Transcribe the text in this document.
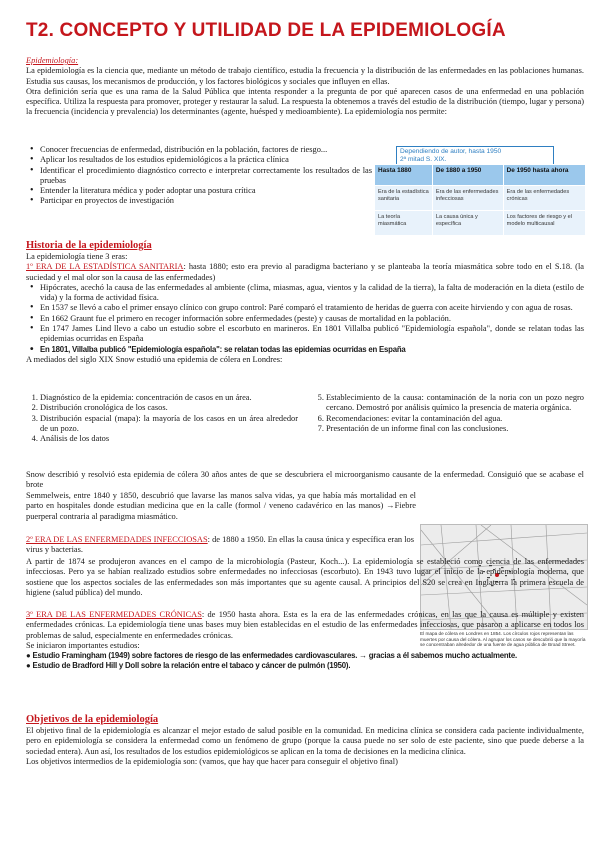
T2. CONCEPTO Y UTILIDAD DE LA EPIDEMIOLOGÍA
Epidemiología:
La epidemiología es la ciencia que, mediante un método de trabajo científico, estudia la frecuencia y la distribución de las enfermedades en las poblaciones humanas. Estudia sus causas, los mecanismos de producción, y los factores biológicos y sociales que influyen en ellas.
Otra definición sería que es una rama de la Salud Pública que intenta responder a la pregunta de por qué aparecen casos de una enfermedad en una población específica. Utiliza la respuesta para promover, proteger y restaurar la salud. La respuesta la obtenemos a través del estudio de la distribución (tiempo, lugar y persona) la frecuencia (incidencia y prevalencia) los determinantes (agente, huésped y medioambiente). La epidemiología nos permite:
• Conocer frecuencias de enfermedad, distribución en la población, factores de riesgo...
• Aplicar los resultados de los estudios epidemiológicos a la práctica clínica
• Identificar el procedimiento diagnóstico correcto e interpretar correctamente los resultados de las pruebas
• Entender la literatura médica y poder adoptar una postura crítica
• Participar en proyectos de investigación
Dependiendo de autor, hasta 1950
2ª mitad S. XIX.
Hasta 1880	De 1880 a 1950	De 1950 hasta ahora
Era de la estadística sanitaria	Era de las enfermedades infecciosas	Era de las enfermedades crónicas
La teoría miasmática	La causa única y específica	Los factores de riesgo y el modelo multicausal
Historia de la epidemiología
La epidemiología tiene 3 eras:
1º ERA DE LA ESTADÍSTICA SANITARIA: hasta 1880; esto era previo al paradigma bacteriano y se planteaba la teoría miasmática sobre todo en el S.18. (la suciedad y el mal olor son la causa de las enfermedades)
• Hipócrates, acechó la causa de las enfermedades al ambiente (clima, miasmas, agua, vientos y la calidad de la tierra), la falta de moderación en la dieta (estilo de vida) y la forma de actividad física.
• En 1537 se llevó a cabo el primer ensayo clínico con grupo control: Paré comparó el tratamiento de heridas de guerra con aceite hirviendo y con agua de rosas.
• En 1662 Graunt fue el primero en recoger información sobre enfermedades (peste) y causas de mortalidad en la población.
• En 1747 James Lind llevo a cabo un estudio sobre el escorbuto en marineros. En 1801 Villalba publicó "Epidemiología española", donde se relatan todas las epidemias ocurridas en España
• En 1801, Villalba publicó "Epidemiología española": se relatan todas las epidemias ocurridas en España
A mediados del siglo XIX Snow estudió una epidemia de cólera en Londres:
1. Diagnóstico de la epidemia: concentración de casos en un área.
2. Distribución cronológica de los casos.
3. Distribución espacial (mapa): la mayoría de los casos en un área alrededor de un pozo.
4. Análisis de los datos
5. Establecimiento de la causa: contaminación de la noria con un pozo negro cercano. Demostró por análisis químico la presencia de materia orgánica.
6. Recomendaciones: evitar la contaminación del agua.
7. Presentación de un informe final con las conclusiones.
Snow describió y resolvió esta epidemia de cólera 30 años antes de que se descubriera el microorganismo causante de la enfermedad. Consiguió que se acabase el brote
Semmelweis, entre 1840 y 1850, descubrió que lavarse las manos salva vidas, ya que había más mortalidad en el parto en hospitales donde estudian medicina que en la calle (formol / veneno cadavérico en las manos) →Fiebre puerperal contraria al paradigma miasmático.
El mapa de cólera en Londres en 1854. Los círculos rojos representan las muertes por causa del cólera. Al agrupar los casos se descubrió que la mayoría se concentraban alrededor de una fuente de agua pública de Broad Street.
2º ERA DE LAS ENFERMEDADES INFECCIOSAS: de 1880 a 1950. En ellas la causa única y específica eran los virus y bacterias.
A partir de 1874 se produjeron avances en el campo de la microbiología (Pasteur, Koch...). La epidemiología se estableció como ciencia de las enfermedades infecciosas. Pero ya se habían realizado estudios sobre enfermedades no infecciosas (escorbuto). En 1943 tuvo lugar el inicio de la epidemiología moderna, que sostiene que los aspectos sociales de las enfermedades son más importantes que su agente causal. A principios del S20 se crea en Inglaterra la primera escuela de higiene (salud pública) del mundo.
3º ERA DE LAS ENFERMEDADES CRÓNICAS: de 1950 hasta ahora. Esta es la era de las enfermedades crónicas, en las que la causa es múltiple y existen enfermedades crónicas. La epidemiología tiene unas bases muy bien establecidas en el estudio de las enfermedades infecciosas, que pasaron a aplicarse en todos los problemas de salud, especialmente en enfermedades crónicas.
Se iniciaron importantes estudios:
● Estudio Framingham (1949) sobre factores de riesgo de las enfermedades cardiovasculares. → gracias a él sabemos mucho actualmente.
● Estudio de Bradford Hill y Doll sobre la relación entre el tabaco y cáncer de pulmón (1950).
Objetivos de la epidemiología
El objetivo final de la epidemiología es alcanzar el mejor estado de salud posible en la comunidad. En medicina clínica se considera cada paciente individualmente, pero en epidemiología se considera la enfermedad como un fenómeno de grupo (porque la causa puede no ser solo de este paciente, sino que puede deberse a la sociedad entera). Aun así, los resultados de los estudios epidemiológicos se aplican en la toma de decisiones en la medicina clínica.
Los objetivos intermedios de la epidemiología son: (vamos, que hay que hacer para conseguir el objetivo final)
